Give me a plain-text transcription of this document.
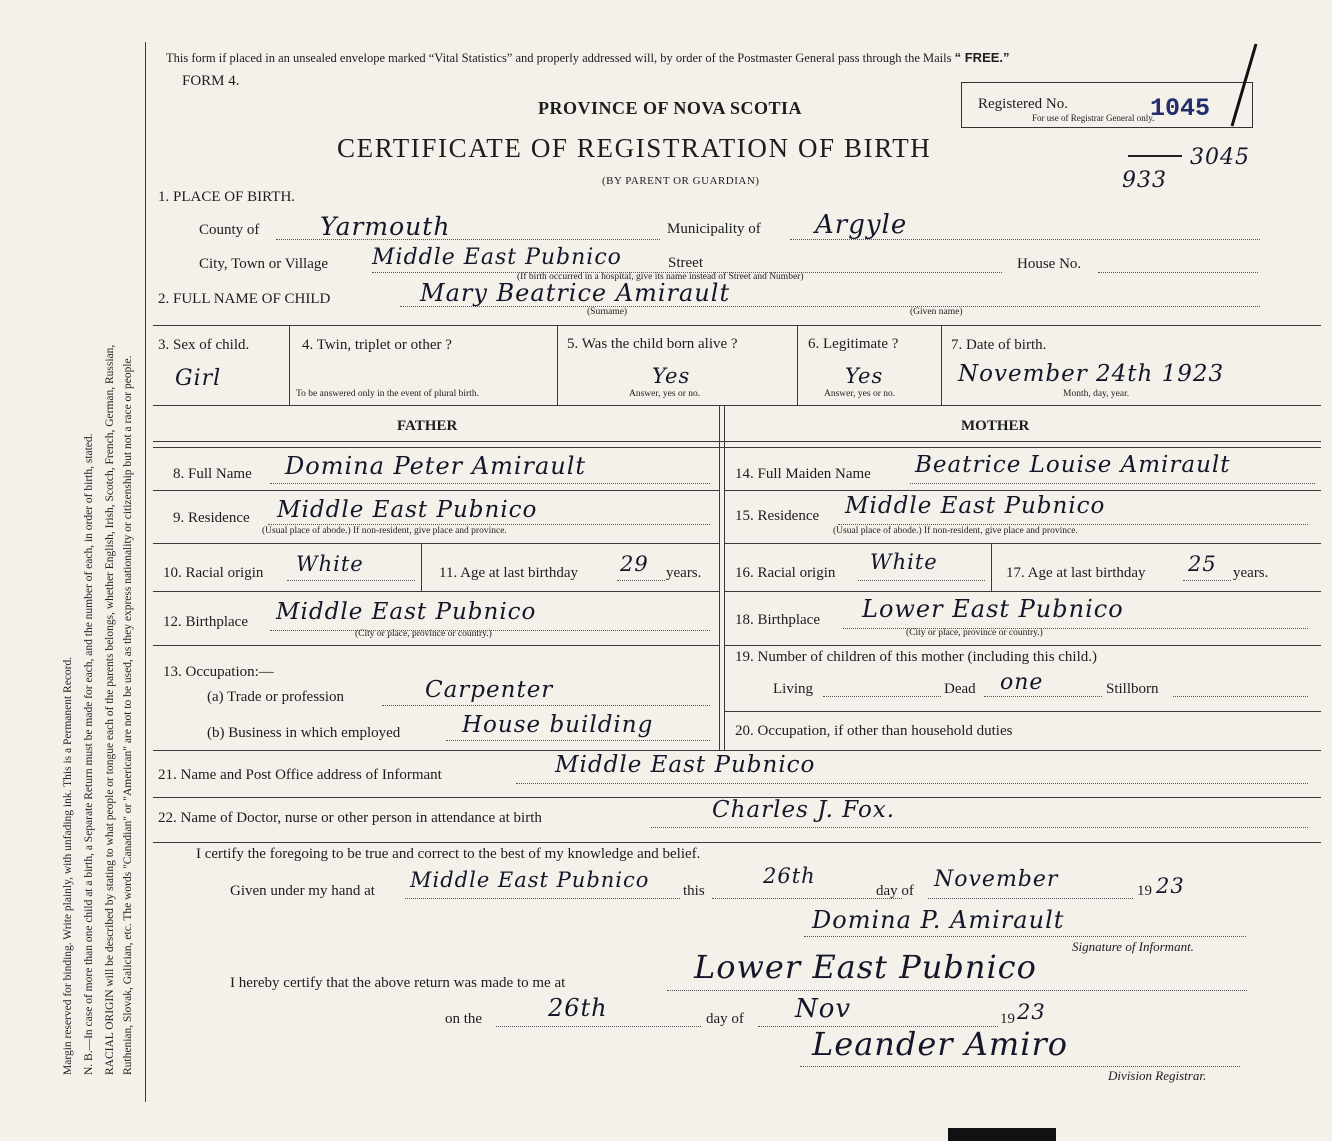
Margin reserved for binding. Write plainly, with unfading ink. This is a Permanent Record. N. B.—In case of more than one child at a birth, a Separate Return must be made for each, and the number of each, in order of birth, stated. RACIAL ORIGIN will be described by stating to what people or tongue each of the parents belongs, whether English, Irish, Scotch, French, German, Russian, Ruthenian, Slovak, Galician, etc. The words "Canadian" or "American" are not to be used, as they express nationality or citizenship but not a race or people.
This form if placed in an unsealed envelope marked “Vital Statistics” and properly addressed will, by order of the Postmaster General pass through the Mails “ FREE.”
FORM 4.
PROVINCE OF NOVA SCOTIA
CERTIFICATE OF REGISTRATION OF BIRTH
(BY PARENT OR GUARDIAN)
Registered No.	1045
For use of Registrar General only.
3045
933
1. PLACE OF BIRTH.
County of Yarmouth	Municipality of Argyle
City, Town or Village Middle East Pubnico	Street	House No.
(If birth occurred in a hospital, give its name instead of Street and Number)
2. FULL NAME OF CHILD	Mary Beatrice Amirault
(Surname)	(Given name)
3. Sex of child.
Girl
4. Twin, triplet or other ?
To be answered only in the event of plural birth.
5. Was the child born alive ?
Yes
Answer, yes or no.
6. Legitimate ?
Yes
Answer, yes or no.
7. Date of birth.
November 24th 1923
Month, day, year.
FATHER	MOTHER
8. Full Name Domina Peter Amirault
9. Residence Middle East Pubnico
(Usual place of abode.) If non-resident, give place and province.
10. Racial origin White	11. Age at last birthday 29 years.
12. Birthplace Middle East Pubnico
(City or place, province or country.)
13. Occupation:—
(a) Trade or profession	Carpenter
(b) Business in which employed	House building
14. Full Maiden Name Beatrice Louise Amirault
15. Residence Middle East Pubnico
(Usual place of abode.) If non-resident, give place and province.
16. Racial origin White	17. Age at last birthday 25 years.
18. Birthplace Lower East Pubnico
(City or place, province or country.)
19. Number of children of this mother (including this child.)
Living	Dead one	Stillborn
20. Occupation, if other than household duties
21. Name and Post Office address of Informant	Middle East Pubnico
22. Name of Doctor, nurse or other person in attendance at birth	Charles J. Fox.
I certify the foregoing to be true and correct to the best of my knowledge and belief.
Given under my hand at Middle East Pubnico this
26th
day of November	19 23
Domina P. Amirault
Signature of Informant.
I hereby certify that the above return was made to me at	Lower East Pubnico
on the	26th	day of Nov	19 23
Leander Amiro
Division Registrar.
